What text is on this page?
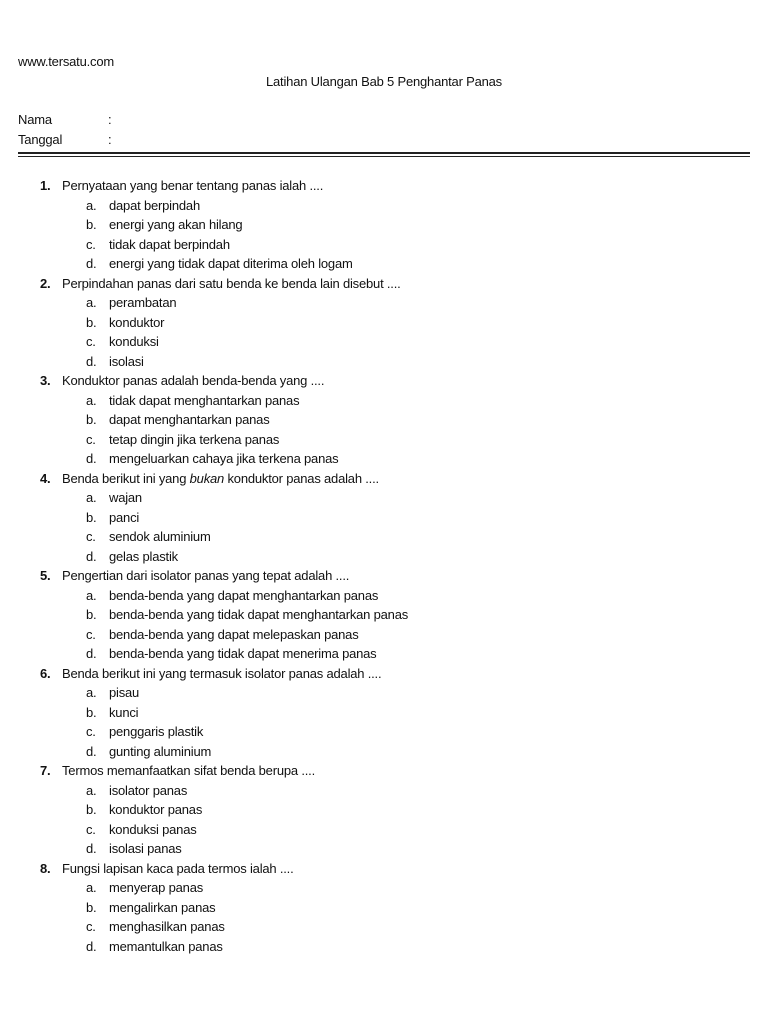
www.tersatu.com
Latihan Ulangan Bab 5 Penghantar Panas
Nama	:
Tanggal	:
1. Pernyataan yang benar tentang panas ialah ....
a. dapat berpindah
b. energi yang akan hilang
c. tidak dapat berpindah
d. energi yang tidak dapat diterima oleh logam
2. Perpindahan panas dari satu benda ke benda lain disebut ....
a. perambatan
b. konduktor
c. konduksi
d. isolasi
3. Konduktor panas adalah benda-benda yang ....
a. tidak dapat menghantarkan panas
b. dapat menghantarkan panas
c. tetap dingin jika terkena panas
d. mengeluarkan cahaya jika terkena panas
4. Benda berikut ini yang bukan konduktor panas adalah ....
a. wajan
b. panci
c. sendok aluminium
d. gelas plastik
5. Pengertian dari isolator panas yang tepat adalah ....
a. benda-benda yang dapat menghantarkan panas
b. benda-benda yang tidak dapat menghantarkan panas
c. benda-benda yang dapat melepaskan panas
d. benda-benda yang tidak dapat menerima panas
6. Benda berikut ini yang termasuk isolator panas adalah ....
a. pisau
b. kunci
c. penggaris plastik
d. gunting aluminium
7. Termos memanfaatkan sifat benda berupa ....
a. isolator panas
b. konduktor panas
c. konduksi panas
d. isolasi panas
8. Fungsi lapisan kaca pada termos ialah ....
a. menyerap panas
b. mengalirkan panas
c. menghasilkan panas
d. memantulkan panas
